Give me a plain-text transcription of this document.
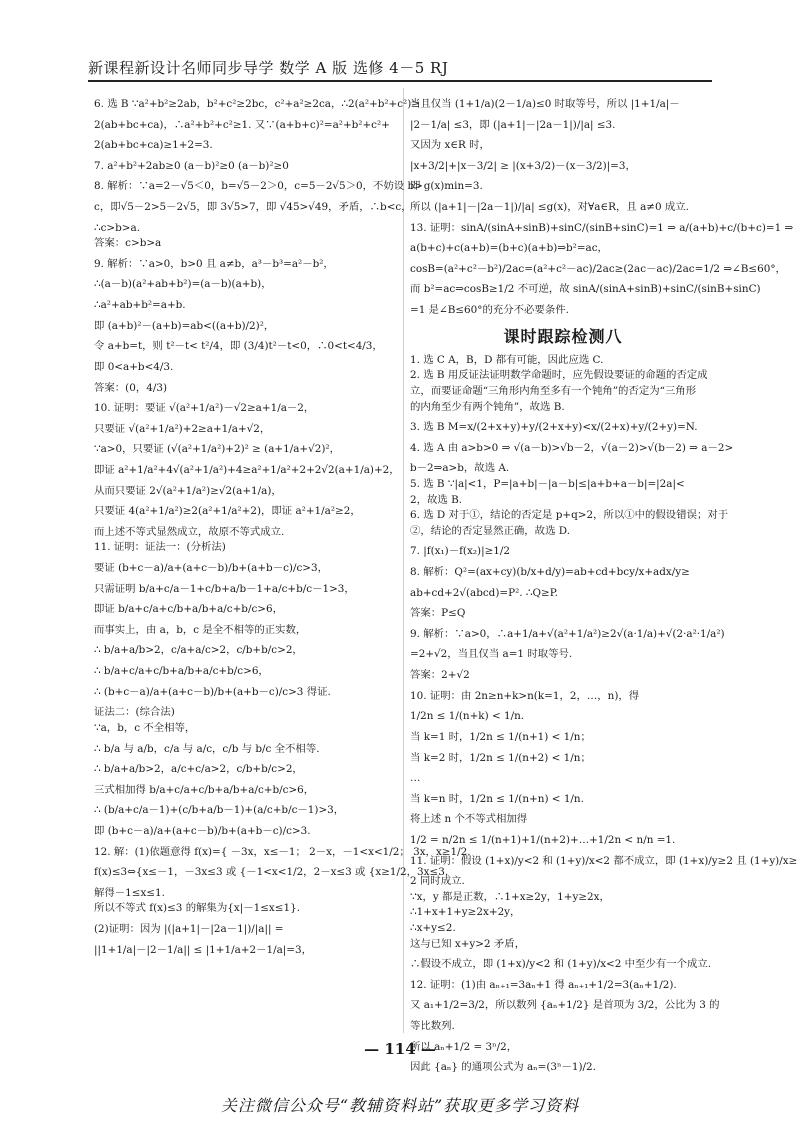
新课程新设计名师同步导学 数学 A 版 选修 4－5 RJ
6. 选 B ∵a²+b²≥2ab，b²+c²≥2bc，c²+a²≥2ca，∴2(a²+b²+c²)≥
2(ab+bc+ca)，∴a²+b²+c²≥1. 又∵(a+b+c)²=a²+b²+c²+
2(ab+bc+ca)≥1+2=3.
7. a²+b²+2ab≥0 (a－b)²≥0 (a－b)²≥0
8. 解析：∵a=2－√5＜0，b=√5－2＞0，c=5－2√5＞0，不妨设 b>
c，即√5－2>5－2√5，即 3√5>7，即 √45>√49，矛盾，∴b<c，
∴c>b>a.
答案：c>b>a
9. 解析：∵a>0，b>0 且 a≠b，a³－b³=a²－b²，
∴(a－b)(a²+ab+b²)=(a－b)(a+b)，
∴a²+ab+b²=a+b.
即 (a+b)²－(a+b)=ab<((a+b)/2)²，
令 a+b=t，则 t²－t< t²/4，即 (3/4)t²－t<0，∴0<t<4/3，
即 0<a+b<4/3.
答案：(0，4/3)
10. 证明：要证 √(a²+1/a²)－√2≥a+1/a－2，
只要证 √(a²+1/a²)+2≥a+1/a+√2，
∵a>0，只要证 (√(a²+1/a²)+2)² ≥ (a+1/a+√2)²，
即证 a²+1/a²+4√(a²+1/a²)+4≥a²+1/a²+2+2√2(a+1/a)+2，
从而只要证 2√(a²+1/a²)≥√2(a+1/a)，
只要证 4(a²+1/a²)≥2(a²+1/a²+2)，即证 a²+1/a²≥2，
而上述不等式显然成立，故原不等式成立.
11. 证明：证法一：(分析法)
要证 (b+c－a)/a+(a+c－b)/b+(a+b－c)/c>3，
只需证明 b/a+c/a－1+c/b+a/b－1+a/c+b/c－1>3，
即证 b/a+c/a+c/b+a/b+a/c+b/c>6，
而事实上，由 a，b，c 是全不相等的正实数，
∴ b/a+a/b>2，c/a+a/c>2，c/b+b/c>2，
∴ b/a+c/a+c/b+a/b+a/c+b/c>6，
∴ (b+c－a)/a+(a+c－b)/b+(a+b－c)/c>3 得证.
证法二：(综合法)
∵a，b，c 不全相等，
∴ b/a 与 a/b，c/a 与 a/c，c/b 与 b/c 全不相等.
∴ b/a+a/b>2，a/c+c/a>2，c/b+b/c>2，
三式相加得 b/a+c/a+c/b+a/b+a/c+b/c>6，
∴ (b/a+c/a－1)+(c/b+a/b－1)+(a/c+b/c－1)>3，
即 (b+c－a)/a+(a+c－b)/b+(a+b－c)/c>3.
12. 解：(1)依题意得 f(x)={ －3x，x≤－1； 2－x，－1<x<1/2； 3x，x≥1/2.
f(x)≤3⇔{x≤－1，－3x≤3 或 {－1<x<1/2，2－x≤3 或 {x≥1/2，3x≤3.
解得－1≤x≤1.
所以不等式 f(x)≤3 的解集为{x|－1≤x≤1}.
(2)证明：因为 |(|a+1|－|2a－1|)/|a|| =
||1+1/a|－|2－1/a|| ≤ |1+1/a+2－1/a|=3，
当且仅当 (1+1/a)(2－1/a)≤0 时取等号，所以 |1+1/a|－
|2－1/a| ≤3，即 (|a+1|－|2a－1|)/|a| ≤3.
又因为 x∈R 时，
|x+3/2|+|x－3/2| ≥ |(x+3/2)－(x－3/2)|=3，
即 g(x)min=3.
所以 (|a+1|－|2a－1|)/|a| ≤g(x)，对∀a∈R，且 a≠0 成立.
13. 证明：sinA/(sinA+sinB)+sinC/(sinB+sinC)=1 ⇒ a/(a+b)+c/(b+c)=1 ⇒
a(b+c)+c(a+b)=(b+c)(a+b)⇒b²=ac，
cosB=(a²+c²－b²)/2ac=(a²+c²－ac)/2ac≥(2ac－ac)/2ac=1/2 ⇒∠B≤60°，
而 b²=ac⇒cosB≥1/2 不可逆，故 sinA/(sinA+sinB)+sinC/(sinB+sinC)
=1 是∠B≤60°的充分不必要条件.
课时跟踪检测八
1. 选 C A，B，D 都有可能，因此应选 C.
2. 选 B 用反证法证明数学命题时，应先假设要证的命题的否定成
立，而要证命题“三角形内角至多有一个钝角”的否定为“三角形
的内角至少有两个钝角”，故选 B.
3. 选 B M=x/(2+x+y)+y/(2+x+y)<x/(2+x)+y/(2+y)=N.
4. 选 A 由 a>b>0 ⇒ √(a－b)>√b－2，√(a－2)>√(b－2) ⇒ a－2>
b－2⇒a>b，故选 A.
5. 选 B ∵|a|<1，P=|a+b|－|a－b|≤|a+b+a－b|=|2a|<
2，故选 B.
6. 选 D 对于①，结论的否定是 p+q>2，所以①中的假设错误；对于
②，结论的否定显然正确，故选 D.
7. |f(x₁)－f(x₂)|≥1/2
8. 解析：Q²=(ax+cy)(b/x+d/y)=ab+cd+bcy/x+adx/y≥
ab+cd+2√(abcd)=P². ∴Q≥P.
答案：P≤Q
9. 解析：∵a>0，∴a+1/a+√(a²+1/a²)≥2√(a·1/a)+√(2·a²·1/a²)
=2+√2，当且仅当 a=1 时取等号.
答案：2+√2
10. 证明：由 2n≥n+k>n(k=1，2，…，n)，得
1/2n ≤ 1/(n+k) < 1/n.
当 k=1 时，1/2n ≤ 1/(n+1) < 1/n；
当 k=2 时，1/2n ≤ 1/(n+2) < 1/n；
…
当 k=n 时，1/2n ≤ 1/(n+n) < 1/n.
将上述 n 个不等式相加得
1/2 = n/2n ≤ 1/(n+1)+1/(n+2)+…+1/2n < n/n =1.
11. 证明：假设 (1+x)/y<2 和 (1+y)/x<2 都不成立，即 (1+x)/y≥2 且 (1+y)/x≥
2 同时成立.
∵x，y 都是正数，∴1+x≥2y，1+y≥2x，
∴1+x+1+y≥2x+2y，
∴x+y≤2.
这与已知 x+y>2 矛盾，
∴假设不成立，即 (1+x)/y<2 和 (1+y)/x<2 中至少有一个成立.
12. 证明：(1)由 aₙ₊₁=3aₙ+1 得 aₙ₊₁+1/2=3(aₙ+1/2).
又 a₁+1/2=3/2，所以数列 {aₙ+1/2} 是首项为 3/2，公比为 3 的
等比数列.
所以 aₙ+1/2 = 3ⁿ/2，
因此 {aₙ} 的通项公式为 aₙ=(3ⁿ－1)/2.
— 114 —
关注微信公众号“教辅资料站”获取更多学习资料
